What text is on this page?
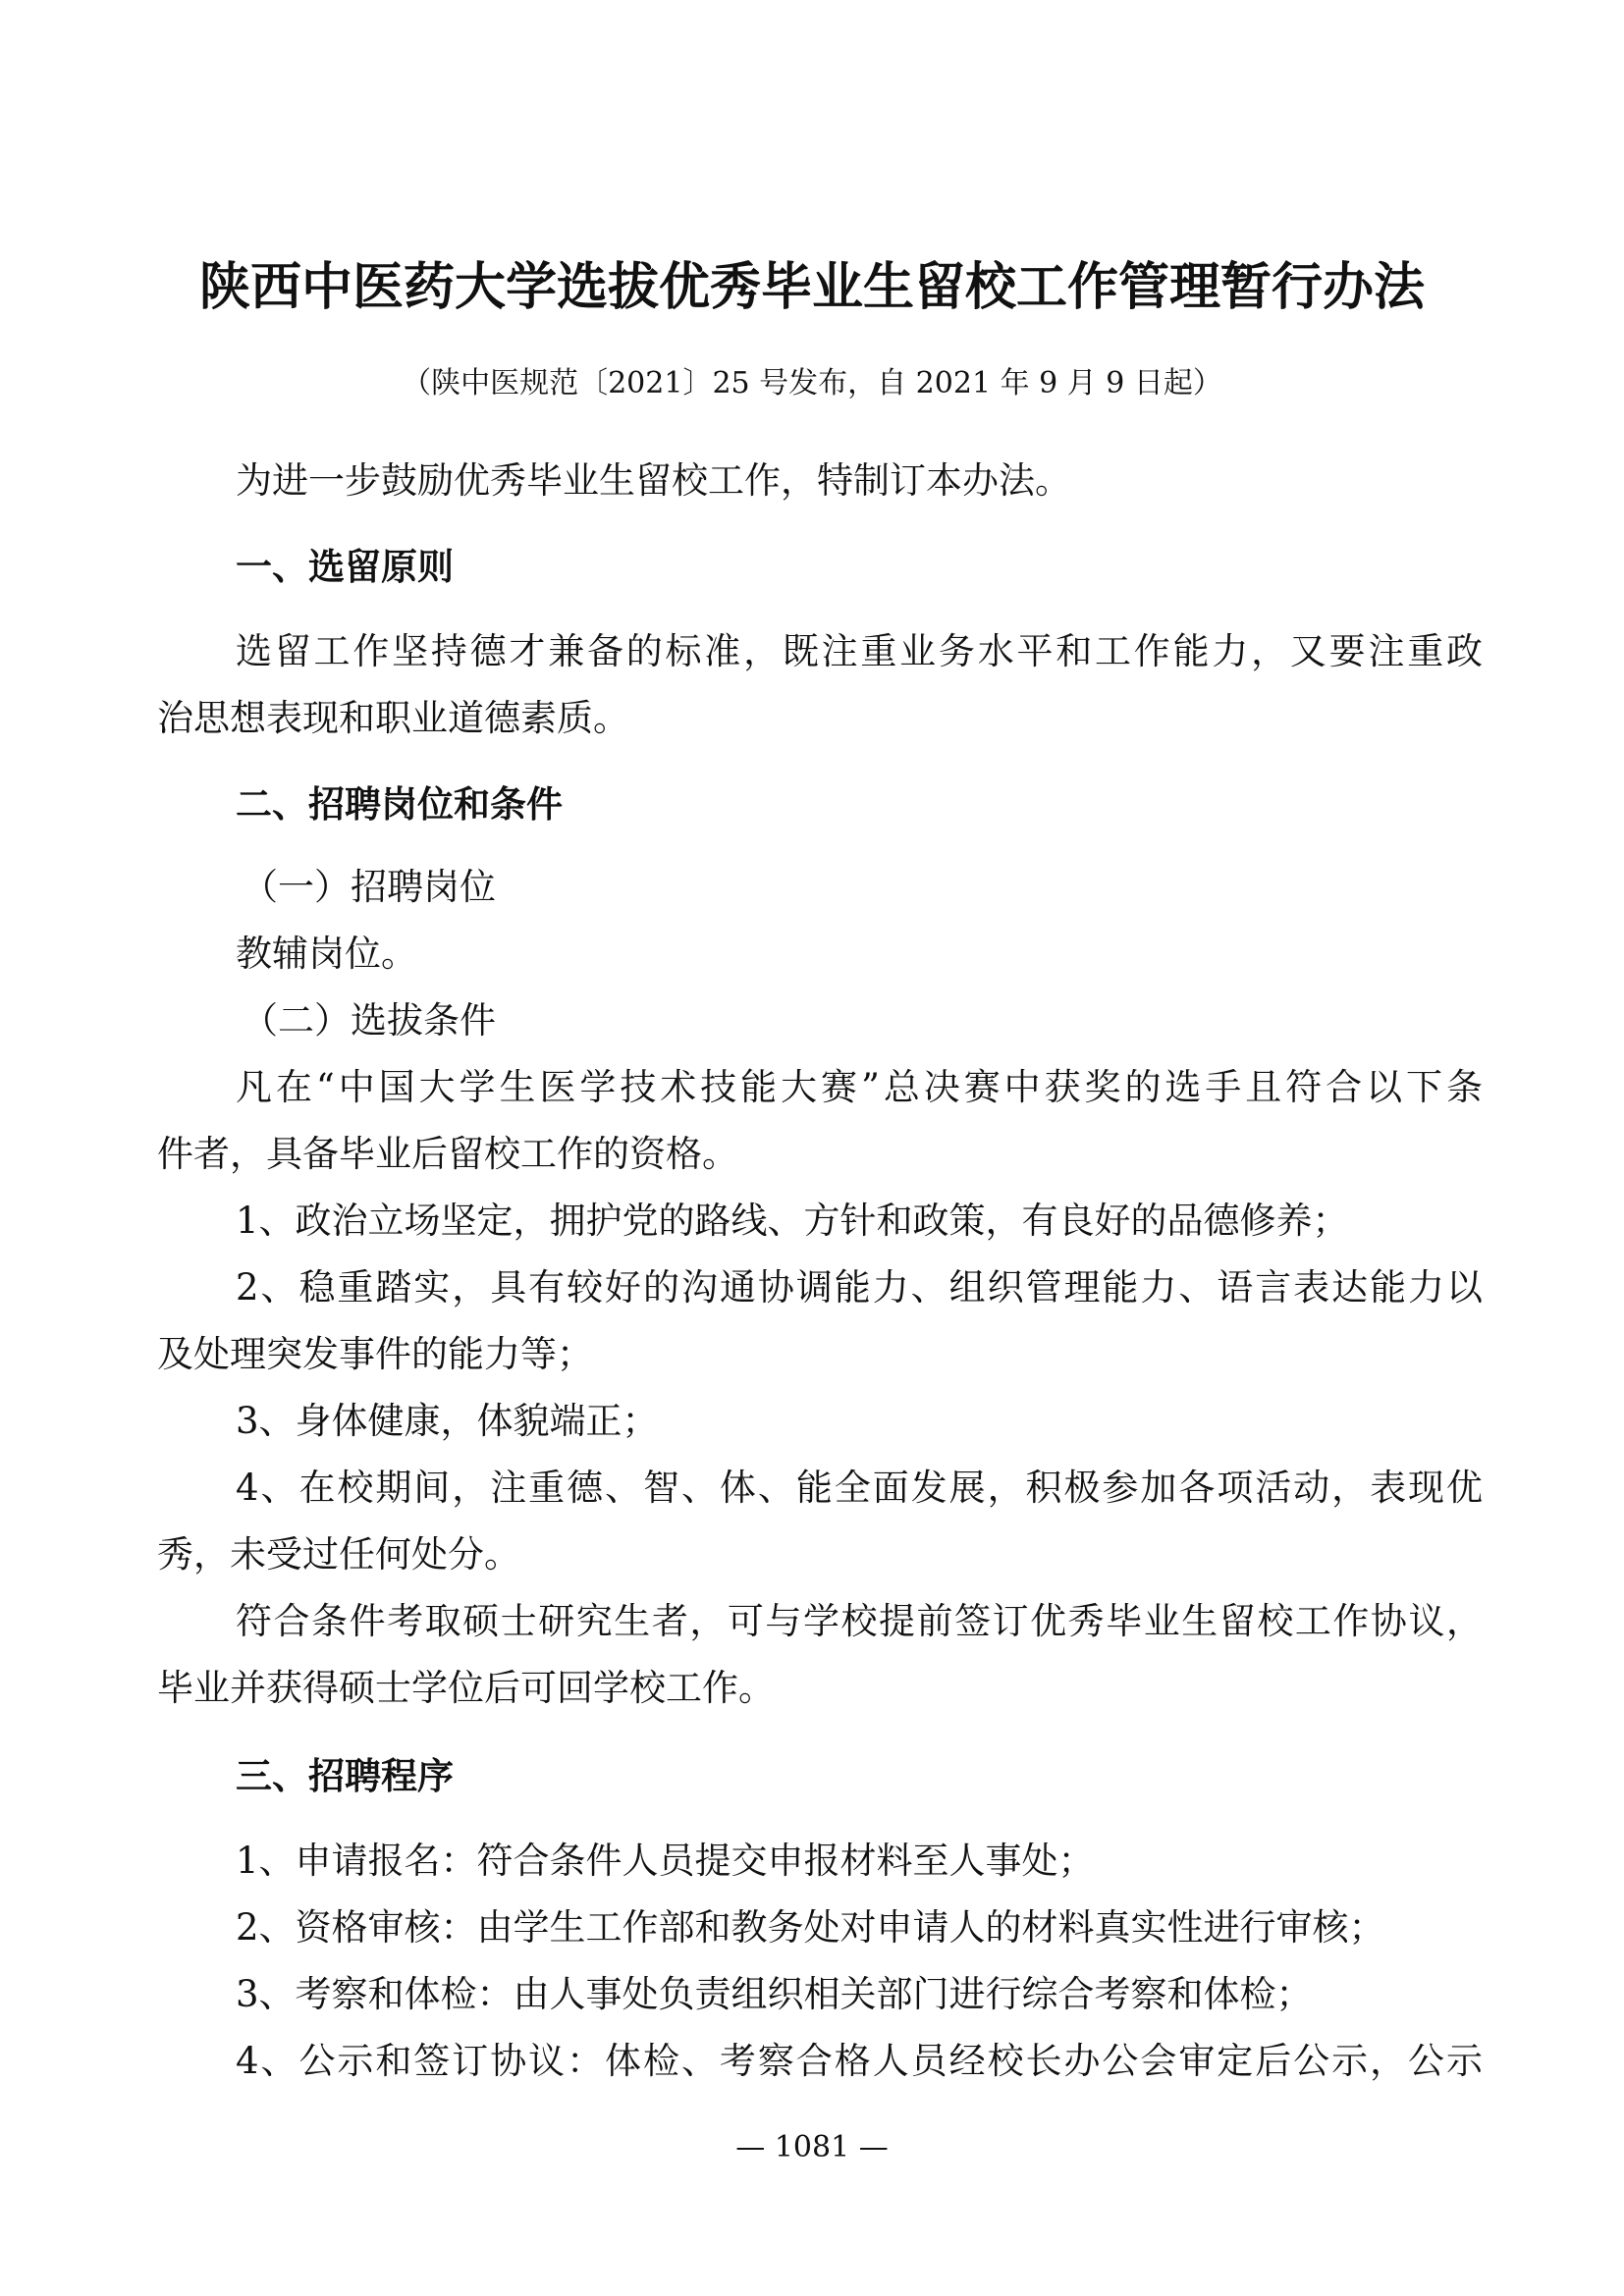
陕西中医药大学选拔优秀毕业生留校工作管理暂行办法
（陕中医规范〔2021〕25 号发布，自 2021 年 9 月 9 日起）
为进一步鼓励优秀毕业生留校工作，特制订本办法。
一、选留原则
选留工作坚持德才兼备的标准，既注重业务水平和工作能力，又要注重政
治思想表现和职业道德素质。
二、招聘岗位和条件
（一）招聘岗位
教辅岗位。
（二）选拔条件
凡在“中国大学生医学技术技能大赛”总决赛中获奖的选手且符合以下条
件者，具备毕业后留校工作的资格。
1、政治立场坚定，拥护党的路线、方针和政策，有良好的品德修养；
2、稳重踏实，具有较好的沟通协调能力、组织管理能力、语言表达能力以
及处理突发事件的能力等；
3、身体健康，体貌端正；
4、在校期间，注重德、智、体、能全面发展，积极参加各项活动，表现优
秀，未受过任何处分。
符合条件考取硕士研究生者，可与学校提前签订优秀毕业生留校工作协议，
毕业并获得硕士学位后可回学校工作。
三、招聘程序
1、申请报名：符合条件人员提交申报材料至人事处；
2、资格审核：由学生工作部和教务处对申请人的材料真实性进行审核；
3、考察和体检：由人事处负责组织相关部门进行综合考察和体检；
4、公示和签订协议：体检、考察合格人员经校长办公会审定后公示，公示
— 1081 —
